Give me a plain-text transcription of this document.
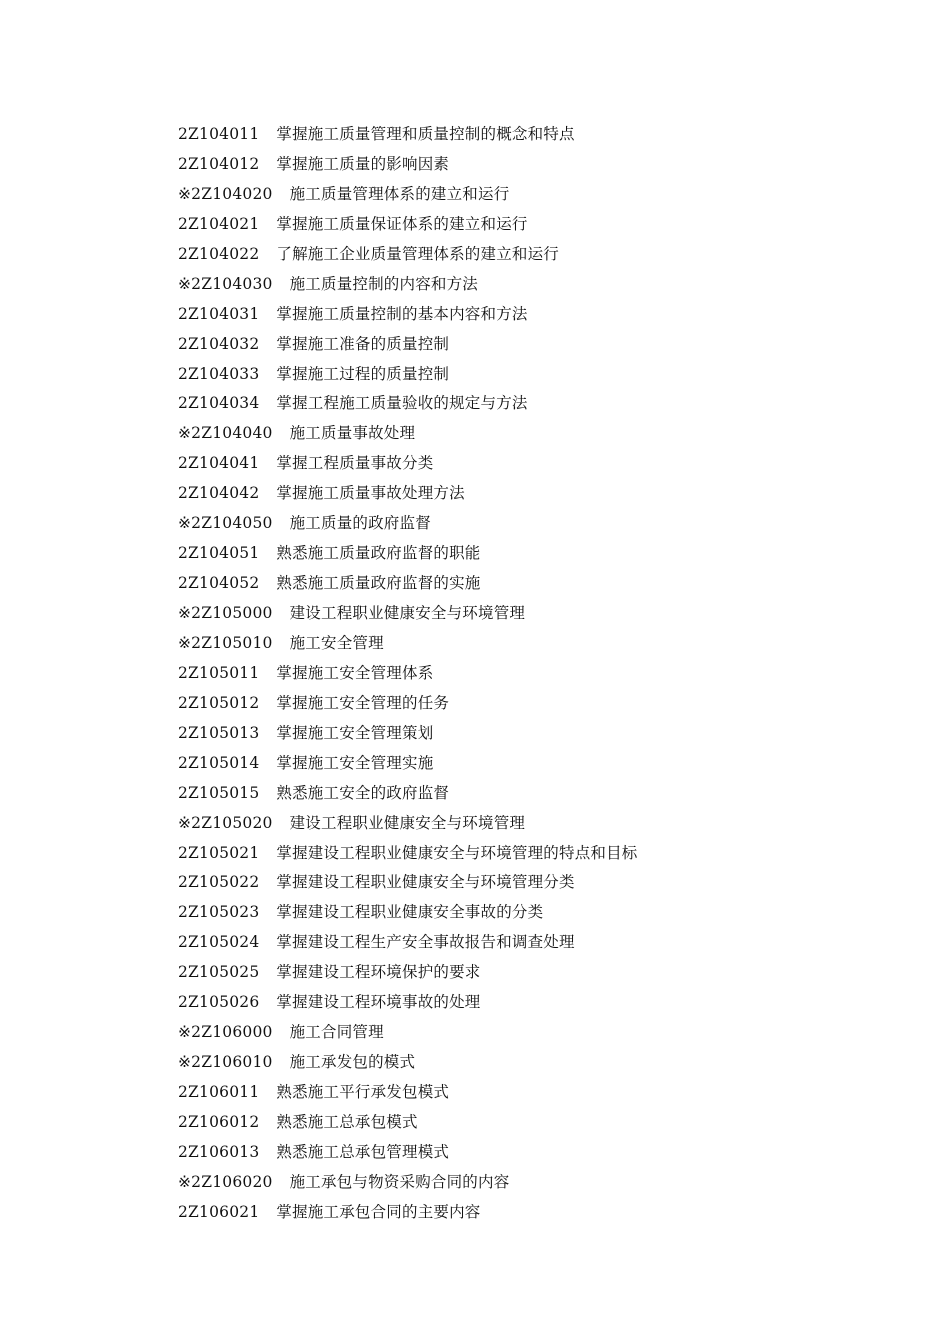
2Z104011 掌握施工质量管理和质量控制的概念和特点
2Z104012 掌握施工质量的影响因素
※2Z104020 施工质量管理体系的建立和运行
2Z104021 掌握施工质量保证体系的建立和运行
2Z104022 了解施工企业质量管理体系的建立和运行
※2Z104030 施工质量控制的内容和方法
2Z104031 掌握施工质量控制的基本内容和方法
2Z104032 掌握施工准备的质量控制
2Z104033 掌握施工过程的质量控制
2Z104034 掌握工程施工质量验收的规定与方法
※2Z104040 施工质量事故处理
2Z104041 掌握工程质量事故分类
2Z104042 掌握施工质量事故处理方法
※2Z104050 施工质量的政府监督
2Z104051 熟悉施工质量政府监督的职能
2Z104052 熟悉施工质量政府监督的实施
※2Z105000 建设工程职业健康安全与环境管理
※2Z105010 施工安全管理
2Z105011 掌握施工安全管理体系
2Z105012 掌握施工安全管理的任务
2Z105013 掌握施工安全管理策划
2Z105014 掌握施工安全管理实施
2Z105015 熟悉施工安全的政府监督
※2Z105020 建设工程职业健康安全与环境管理
2Z105021 掌握建设工程职业健康安全与环境管理的特点和目标
2Z105022 掌握建设工程职业健康安全与环境管理分类
2Z105023 掌握建设工程职业健康安全事故的分类
2Z105024 掌握建设工程生产安全事故报告和调查处理
2Z105025 掌握建设工程环境保护的要求
2Z105026 掌握建设工程环境事故的处理
※2Z106000 施工合同管理
※2Z106010 施工承发包的模式
2Z106011 熟悉施工平行承发包模式
2Z106012 熟悉施工总承包模式
2Z106013 熟悉施工总承包管理模式
※2Z106020 施工承包与物资采购合同的内容
2Z106021 掌握施工承包合同的主要内容
